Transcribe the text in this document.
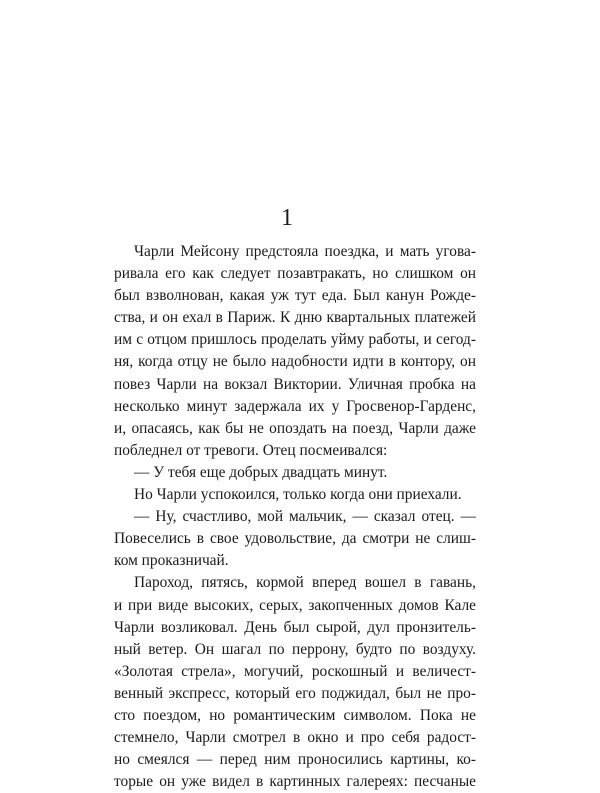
1
Чарли Мейсону предстояла поездка, и мать угова-
ривала его как следует позавтракать, но слишком он
был взволнован, какая уж тут еда. Был канун Рожде-
ства, и он ехал в Париж. К дню квартальных платежей
им с отцом пришлось проделать уйму работы, и сегод-
ня, когда отцу не было надобности идти в контору, он
повез Чарли на вокзал Виктории. Уличная пробка на
несколько минут задержала их у Гросвенор-Гарденс,
и, опасаясь, как бы не опоздать на поезд, Чарли даже
побледнел от тревоги. Отец посмеивался:
— У тебя еще добрых двадцать минут.
Но Чарли успокоился, только когда они приехали.
— Ну, счастливо, мой мальчик, — сказал отец. —
Повеселись в свое удовольствие, да смотри не слиш-
ком проказничай.
Пароход, пятясь, кормой вперед вошел в гавань,
и при виде высоких, серых, закопченных домов Кале
Чарли возликовал. День был сырой, дул пронзитель-
ный ветер. Он шагал по перрону, будто по воздуху.
«Золотая стрела», могучий, роскошный и величест-
венный экспресс, который его поджидал, был не про-
сто поездом, но романтическим символом. Пока не
стемнело, Чарли смотрел в окно и про себя радост-
но смеялся — перед ним проносились картины, ко-
торые он уже видел в картинных галереях: песчаные
